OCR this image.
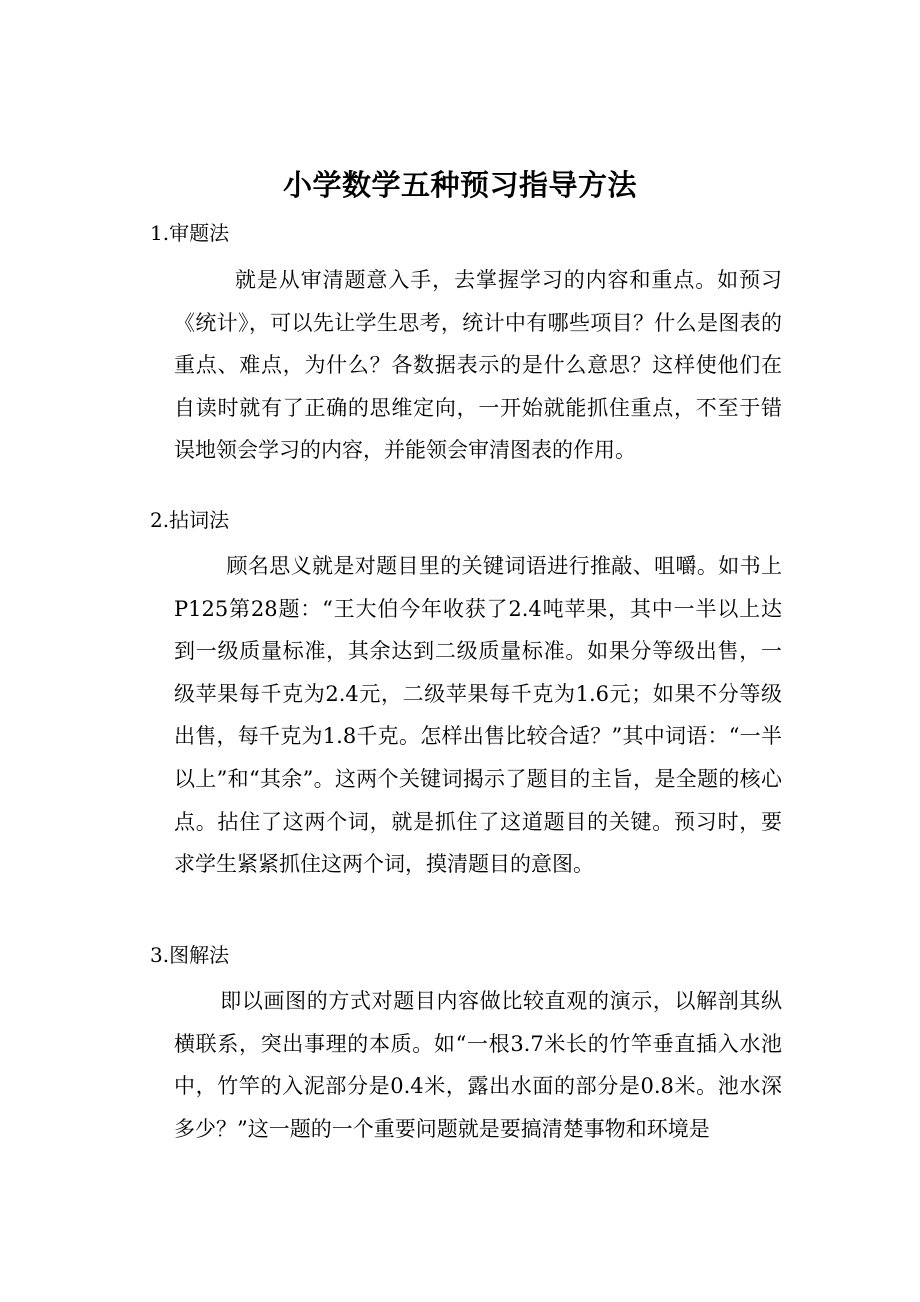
小学数学五种预习指导方法

1.审题法

就是从审清题意入手，去掌握学习的内容和重点。如预习《统计》，可以先让学生思考，统计中有哪些项目？什么是图表的重点、难点，为什么？各数据表示的是什么意思？这样使他们在自读时就有了正确的思维定向，一开始就能抓住重点，不至于错误地领会学习的内容，并能领会审清图表的作用。

2.拈词法

顾名思义就是对题目里的关键词语进行推敲、咀嚼。如书上P125第28题：“王大伯今年收获了2.4吨苹果，其中一半以上达到一级质量标准，其余达到二级质量标准。如果分等级出售，一级苹果每千克为2.4元，二级苹果每千克为1.6元；如果不分等级出售，每千克为1.8千克。怎样出售比较合适？”其中词语：“一半以上”和“其余”。这两个关键词揭示了题目的主旨，是全题的核心点。拈住了这两个词，就是抓住了这道题目的关键。预习时，要求学生紧紧抓住这两个词，摸清题目的意图。

3.图解法

即以画图的方式对题目内容做比较直观的演示，以解剖其纵横联系，突出事理的本质。如“一根3.7米长的竹竿垂直插入水池中，竹竿的入泥部分是0.4米，露出水面的部分是0.8米。池水深多少？”这一题的一个重要问题就是要搞清楚事物和环境是
